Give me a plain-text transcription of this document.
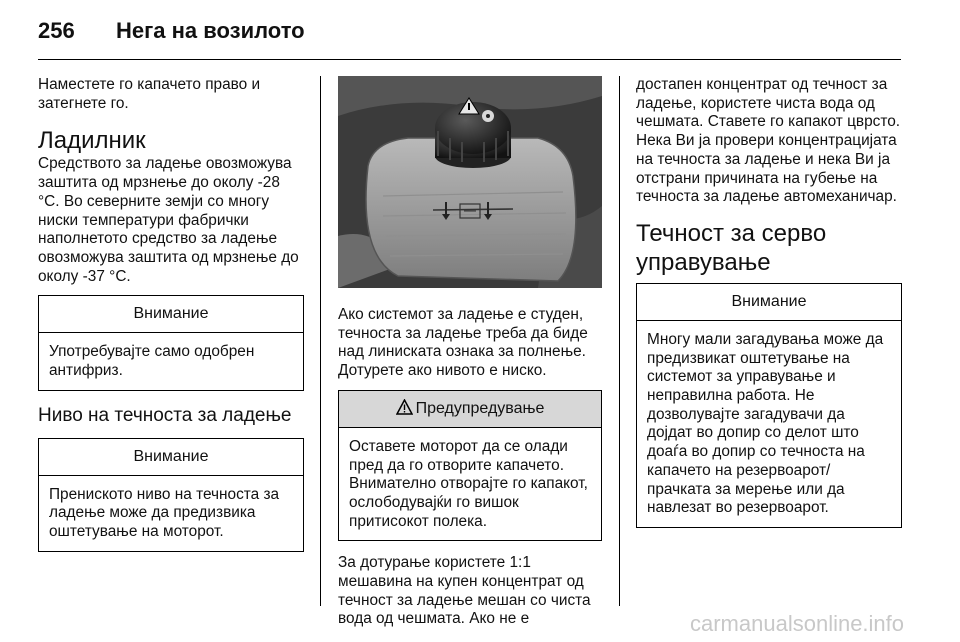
256 Нега на возилото

Наместете го капачето право и затегнете го.

Ладилник

Средството за ладење овозможува заштита од мрзнење до околу -28 °C. Во северните земји со многу ниски температури фабрички наполнетото средство за ладење овозможува заштита од мрзнење до околу -37 °C.

Внимание

Употребувајте само одобрен антифриз.

Ниво на течноста за ладење
Внимание

Прениското ниво на течноста за ладење може да предизвика оштетување на моторот.

Ако системот за ладење е студен, течноста за ладење треба да биде над линиската ознака за полнење. Дотурете ако нивото е ниско.

Предупредување

Оставете моторот да се олади пред да го отворите капачето. Внимателно отворајте го капакот, ослободувајќи го вишок притисокот полека.

За дотурање користете 1:1 мешавина на купен концентрат од течност за ладење мешан со чиста вода од чешмата. Ако не е

достапен концентрат од течност за ладење, користете чиста вода од чешмата. Ставете го капакот цврсто. Нека Ви ја провери концентрацијата на течноста за ладење и нека Ви ја отстрани причината на губење на течноста за ладење автомеханичар.

Течност за серво управување
Внимание

Многу мали загадувања може да предизвикат оштетување на системот за управување и неправилна работа. Не дозволувајте загадувачи да дојдат во допир со делот што доаѓа во допир со течноста на капачето на резервоарот/прачката за мерење или да навлезат во резервоарот.

carmanualsonline.info
